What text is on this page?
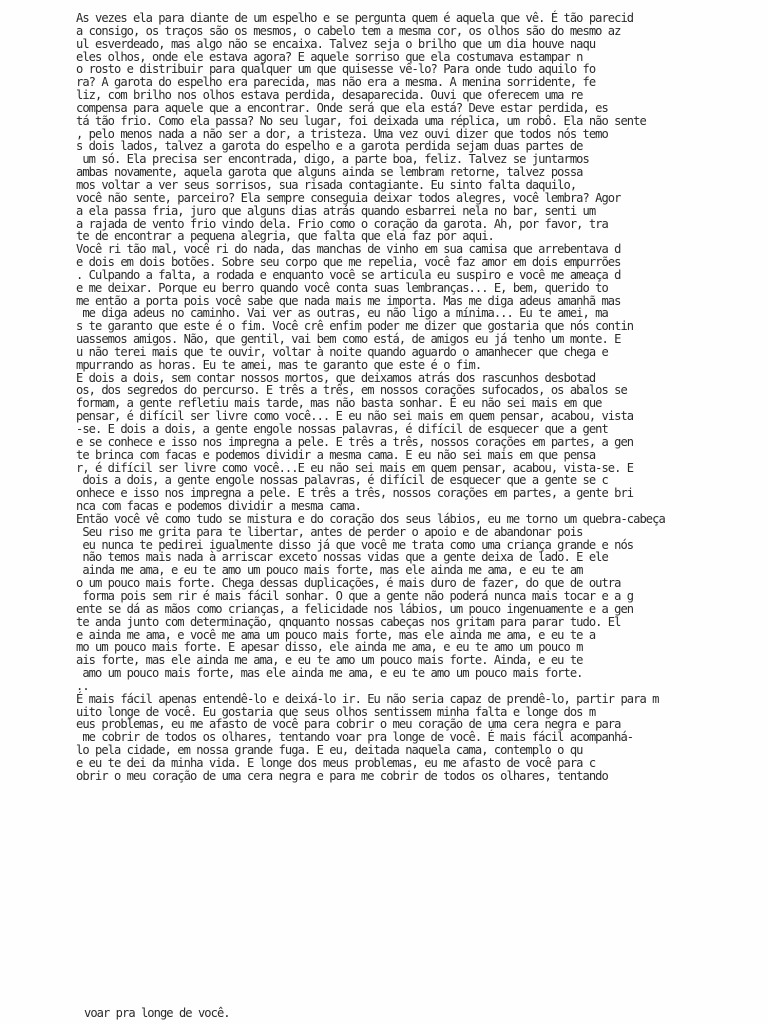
As vezes ela para diante de um espelho e se pergunta quem é aquela que vê. É tão parecid
a consigo, os traços são os mesmos, o cabelo tem a mesma cor, os olhos são do mesmo az
ul esverdeado, mas algo não se encaixa. Talvez seja o brilho que um dia houve naqu
eles olhos, onde ele estava agora? E aquele sorriso que ela costumava estampar n
o rosto e distribuir para qualquer um que quisesse vê-lo? Para onde tudo aquilo fo
ra? A garota do espelho era parecida, mas não era a mesma. A menina sorridente, fe
liz, com brilho nos olhos estava perdida, desaparecida. Ouvi que oferecem uma re
compensa para aquele que a encontrar. Onde será que ela está? Deve estar perdida, es
tá tão frio. Como ela passa? No seu lugar, foi deixada uma réplica, um robô. Ela não sente
, pelo menos nada a não ser a dor, a tristeza. Uma vez ouvi dizer que todos nós temo
s dois lados, talvez a garota do espelho e a garota perdida sejam duas partes de
um só. Ela precisa ser encontrada, digo, a parte boa, feliz. Talvez se juntarmos
ambas novamente, aquela garota que alguns ainda se lembram retorne, talvez possa
mos voltar a ver seus sorrisos, sua risada contagiante. Eu sinto falta daquilo,
você não sente, parceiro? Ela sempre conseguia deixar todos alegres, você lembra? Agor
a ela passa fria, juro que alguns dias atrás quando esbarrei nela no bar, senti um
a rajada de vento frio vindo dela. Frio como o coração da garota. Ah, por favor, tra
te de encontrar a pequena alegria, que falta que ela faz por aqui.
Você ri tão mal, você ri do nada, das manchas de vinho em sua camisa que arrebentava d
e dois em dois botões. Sobre seu corpo que me repelia, você faz amor em dois empurrões
. Culpando a falta, a rodada e enquanto você se articula eu suspiro e você me ameaça d
e me deixar. Porque eu berro quando você conta suas lembranças... E, bem, querido to
me então a porta pois você sabe que nada mais me importa. Mas me diga adeus amanhã mas
me diga adeus no caminho. Vai ver as outras, eu não ligo a mínima... Eu te amei, ma
s te garanto que este é o fim. Você crê enfim poder me dizer que gostaria que nós contin
uassemos amigos. Não, que gentil, vai bem como está, de amigos eu já tenho um monte. E
u não terei mais que te ouvir, voltar à noite quando aguardo o amanhecer que chega e
mpurrando as horas. Eu te amei, mas te garanto que este é o fim.
E dois a dois, sem contar nossos mortos, que deixamos atrás dos rascunhos desbotad
os, dos segredos do percurso. E três a três, em nossos corações sufocados, os abalos se
formam, a gente refletiu mais tarde, mas não basta sonhar. E eu não sei mais em que
pensar, é difícil ser livre como você... E eu não sei mais em quem pensar, acabou, vista
-se. E dois a dois, a gente engole nossas palavras, é difícil de esquecer que a gent
e se conhece e isso nos impregna a pele. E três a três, nossos corações em partes, a gen
te brinca com facas e podemos dividir a mesma cama. E eu não sei mais em que pensa
r, é difícil ser livre como você...E eu não sei mais em quem pensar, acabou, vista-se. E
dois a dois, a gente engole nossas palavras, é difícil de esquecer que a gente se c
onhece e isso nos impregna a pele. E três a três, nossos corações em partes, a gente bri
nca com facas e podemos dividir a mesma cama.
Então você vê como tudo se mistura e do coração dos seus lábios, eu me torno um quebra-cabeça
Seu riso me grita para te libertar, antes de perder o apoio e de abandonar pois
eu nunca te pedirei igualmente disso já que você me trata como uma criança grande e nós
não temos mais nada à arriscar exceto nossas vidas que a gente deixa de lado. E ele
ainda me ama, e eu te amo um pouco mais forte, mas ele ainda me ama, e eu te am
o um pouco mais forte. Chega dessas duplicações, é mais duro de fazer, do que de outra
forma pois sem rir é mais fácil sonhar. O que a gente não poderá nunca mais tocar e a g
ente se dá as mãos como crianças, a felicidade nos lábios, um pouco ingenuamente e a gen
te anda junto com determinação, qnquanto nossas cabeças nos gritam para parar tudo. El
e ainda me ama, e você me ama um pouco mais forte, mas ele ainda me ama, e eu te a
mo um pouco mais forte. E apesar disso, ele ainda me ama, e eu te amo um pouco m
ais forte, mas ele ainda me ama, e eu te amo um pouco mais forte. Ainda, e eu te
amo um pouco mais forte, mas ele ainda me ama, e eu te amo um pouco mais forte.
..
É mais fácil apenas entendê-lo e deixá-lo ir. Eu não seria capaz de prendê-lo, partir para m
uito longe de você. Eu gostaria que seus olhos sentissem minha falta e longe dos m
eus problemas, eu me afasto de você para cobrir o meu coração de uma cera negra e para
me cobrir de todos os olhares, tentando voar pra longe de você. É mais fácil acompanhá-
lo pela cidade, em nossa grande fuga. E eu, deitada naquela cama, contemplo o qu
e eu te dei da minha vida. E longe dos meus problemas, eu me afasto de você para c
obrir o meu coração de uma cera negra e para me cobrir de todos os olhares, tentando
voar pra longe de você.
